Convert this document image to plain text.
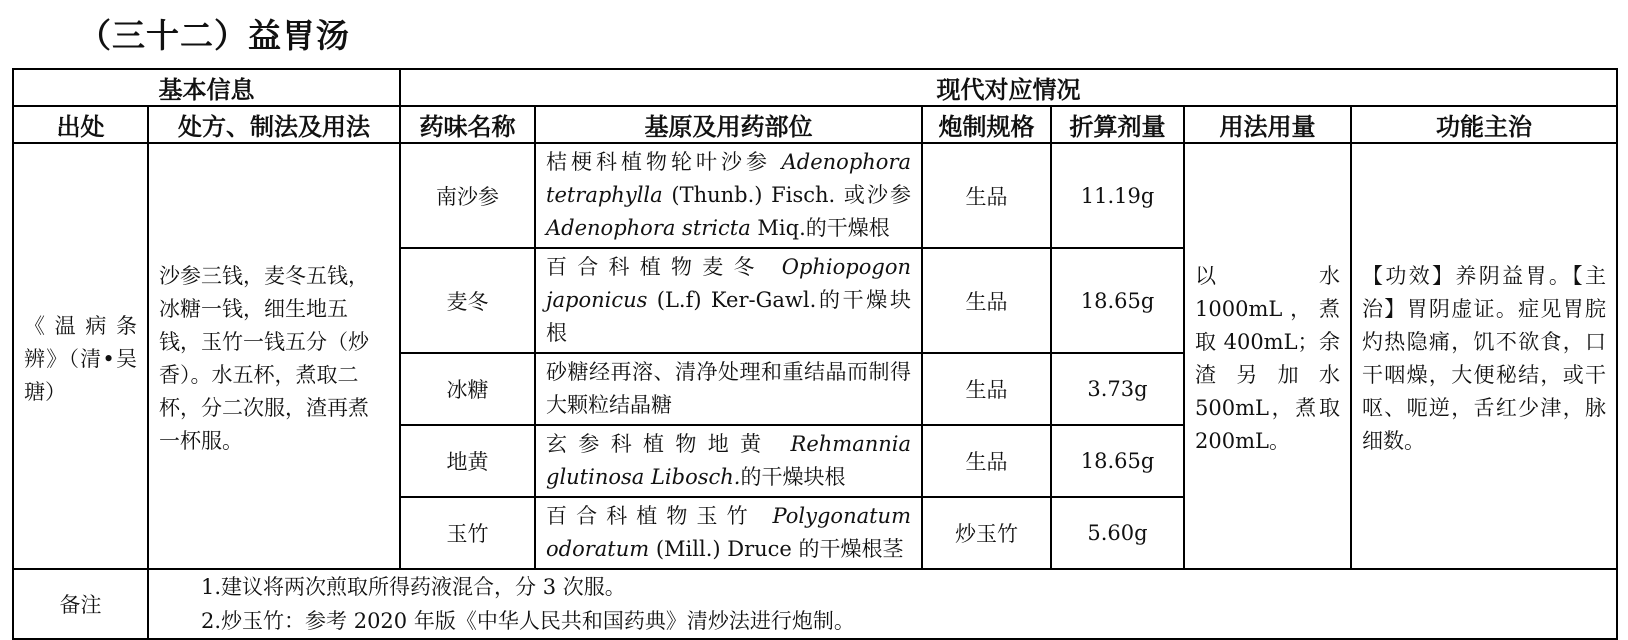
（三十二）益胃汤
基本信息		现代对应情况					
出处	处方、制法及用法	药味名称	基原及用药部位	炮制规格	折算剂量	用法用量	功能主治

《温病条辨》（清•吴瑭）	沙参三钱，麦冬五钱，冰糖一钱，细生地五钱，玉竹一钱五分（炒香）。水五杯，煮取二杯，分二次服，渣再煮一杯服。	南沙参	桔梗科植物轮叶沙参 Adenophora tetraphylla (Thunb.) Fisch. 或沙参 Adenophora stricta Miq.的干燥根	生品	11.19g	以水 1000mL，煮取 400mL；余渣另加水 500mL，煮取 200mL。	【功效】养阴益胃。【主治】胃阴虚证。症见胃脘灼热隐痛，饥不欲食，口干咽燥，大便秘结，或干呕、呃逆，舌红少津，脉细数。

		麦冬	百合科植物麦冬 Ophiopogon japonicus (L.f) Ker-Gawl.的干燥块根	生品	18.65g		
		冰糖	砂糖经再溶、清净处理和重结晶而制得大颗粒结晶糖	生品	3.73g		
		地黄	玄参科植物地黄 Rehmannia glutinosa Libosch.的干燥块根	生品	18.65g		
		玉竹	百合科植物玉竹 Polygonatum odoratum (Mill.) Druce 的干燥根茎	炒玉竹	5.60g		
备注	1.建议将两次煎取所得药液混合，分 3 次服。
2.炒玉竹：参考 2020 年版《中华人民共和国药典》清炒法进行炮制。						
